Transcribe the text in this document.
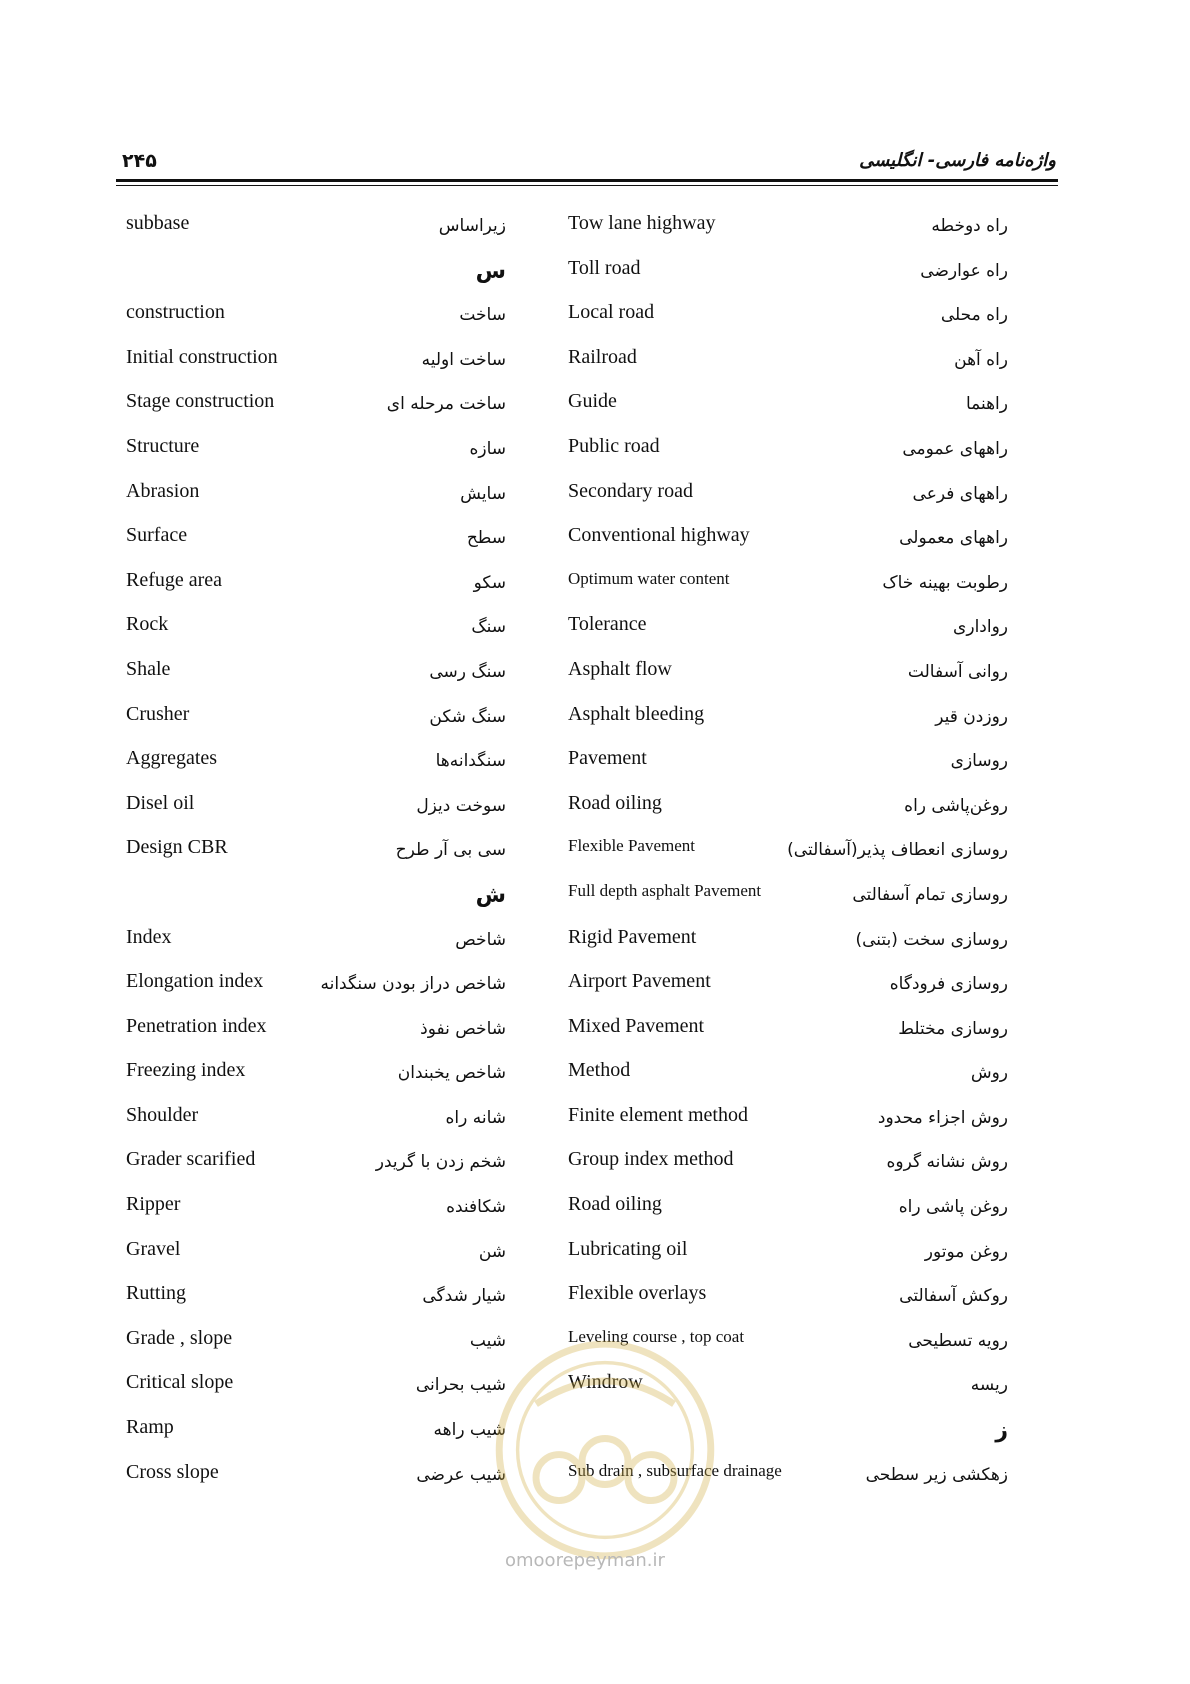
۲۴۵	واژه‌نامه فارسی- انگلیسی
subbase	زیراساس
س
construction	ساخت
Initial construction	ساخت اولیه
Stage construction	ساخت مرحله ای
Structure	سازه
Abrasion	سایش
Surface	سطح
Refuge area	سکو
Rock	سنگ
Shale	سنگ رسی
Crusher	سنگ شکن
Aggregates	سنگدانه‌ها
Disel oil	سوخت دیزل
Design CBR	سی بی آر طرح
ش
Index	شاخص
Elongation index	شاخص دراز بودن سنگدانه
Penetration index	شاخص نفوذ
Freezing index	شاخص یخبندان
Shoulder	شانه راه
Grader scarified	شخم زدن با گریدر
Ripper	شکافنده
Gravel	شن
Rutting	شیار شدگی
Grade , slope	شیب
Critical slope	شیب بحرانی
Ramp	شیب راهه
Cross slope	شیب عرضی
Tow lane highway	راه دوخطه
Toll road	راه عوارضی
Local road	راه محلی
Railroad	راه آهن
Guide	راهنما
Public road	راههای عمومی
Secondary road	راههای فرعی
Conventional highway	راههای معمولی
Optimum water content	رطوبت بهینه خاک
Tolerance	رواداری
Asphalt flow	روانی آسفالت
Asphalt bleeding	روزدن قیر
Pavement	روسازی
Road oiling	روغن‌پاشی راه
Flexible Pavement	روسازی انعطاف پذیر(آسفالتی)
Full depth asphalt Pavement	روسازی تمام آسفالتی
Rigid Pavement	روسازی سخت (بتنی)
Airport Pavement	روسازی فرودگاه
Mixed Pavement	روسازی مختلط
Method	روش
Finite element method	روش اجزاء محدود
Group index method	روش نشانه گروه
Road oiling	روغن پاشی راه
Lubricating oil	روغن موتور
Flexible overlays	روکش آسفالتی
Leveling course , top coat	رویه تسطیحی
Windrow	ریسه
ز
Sub drain , subsurface drainage	زهکشی زیر سطحی
omoorepeyman.ir
